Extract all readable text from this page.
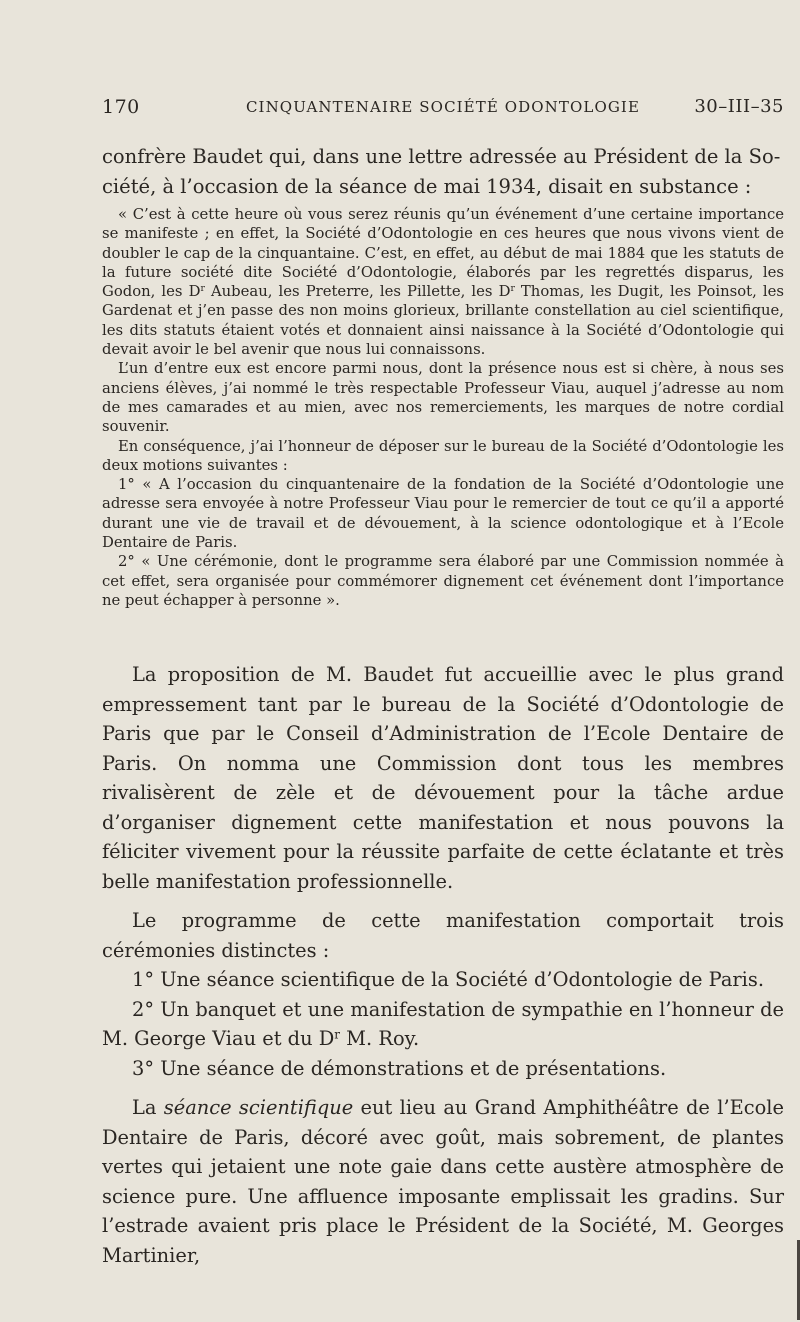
170	CINQUANTENAIRE SOCIÉTÉ ODONTOLOGIE	30–III–35
confrère Baudet qui, dans une lettre adressée au Président de la So-
ciété, à l’occasion de la séance de mai 1934, disait en substance :

« C’est à cette heure où vous serez réunis qu’un événement d’une certaine importance se manifeste ; en effet, la Société d’Odontologie en ces heures que nous vivons vient de doubler le cap de la cinquantaine. C’est, en effet, au début de mai 1884 que les statuts de la future société dite Société d’Odontologie, élaborés par les regrettés disparus, les Godon, les $D^r$ Aubeau, les Preterre, les Pillette, les $D^r$ Thomas, les Dugit, les Poinsot, les Gardenat et j’en passe des non moins glorieux, brillante constellation au ciel scientifique, les dits statuts étaient votés et donnaient ainsi naissance à la Société d’Odontologie qui devait avoir le bel avenir que nous lui connaissons.

L’un d’entre eux est encore parmi nous, dont la présence nous est si chère, à nous ses anciens élèves, j’ai nommé le très respectable Professeur Viau, auquel j’adresse au nom de mes camarades et au mien, avec nos remerciements, les marques de notre cordial souvenir.

En conséquence, j’ai l’honneur de déposer sur le bureau de la Société d’Odontologie les deux motions suivantes :

1° « A l’occasion du cinquantenaire de la fondation de la Société d’Odontologie une adresse sera envoyée à notre Professeur Viau pour le remercier de tout ce qu’il a apporté durant une vie de travail et de dévouement, à la science odontologique et à l’Ecole Dentaire de Paris.

2° « Une cérémonie, dont le programme sera élaboré par une Commission nommée à cet effet, sera organisée pour commémorer dignement cet événement dont l’importance ne peut échapper à personne ».

La proposition de M. Baudet fut accueillie avec le plus grand empressement tant par le bureau de la Société d’Odontologie de Paris que par le Conseil d’Administration de l’Ecole Dentaire de Paris. On nomma une Commission dont tous les membres rivalisèrent de zèle et de dévouement pour la tâche ardue d’organiser dignement cette manifestation et nous pouvons la féliciter vivement pour la réussite parfaite de cette éclatante et très belle manifestation professionnelle.

Le programme de cette manifestation comportait trois cérémonies distinctes :

1° Une séance scientifique de la Société d’Odontologie de Paris.

2° Un banquet et une manifestation de sympathie en l’honneur de M. George Viau et du $D^r$ M. Roy.

3° Une séance de démonstrations et de présentations.

La séance scientifique eut lieu au Grand Amphithéâtre de l’Ecole Dentaire de Paris, décoré avec goût, mais sobrement, de plantes vertes qui jetaient une note gaie dans cette austère atmosphère de science pure. Une affluence imposante emplissait les gradins. Sur l’estrade avaient pris place le Président de la Société, M. Georges Martinier,
